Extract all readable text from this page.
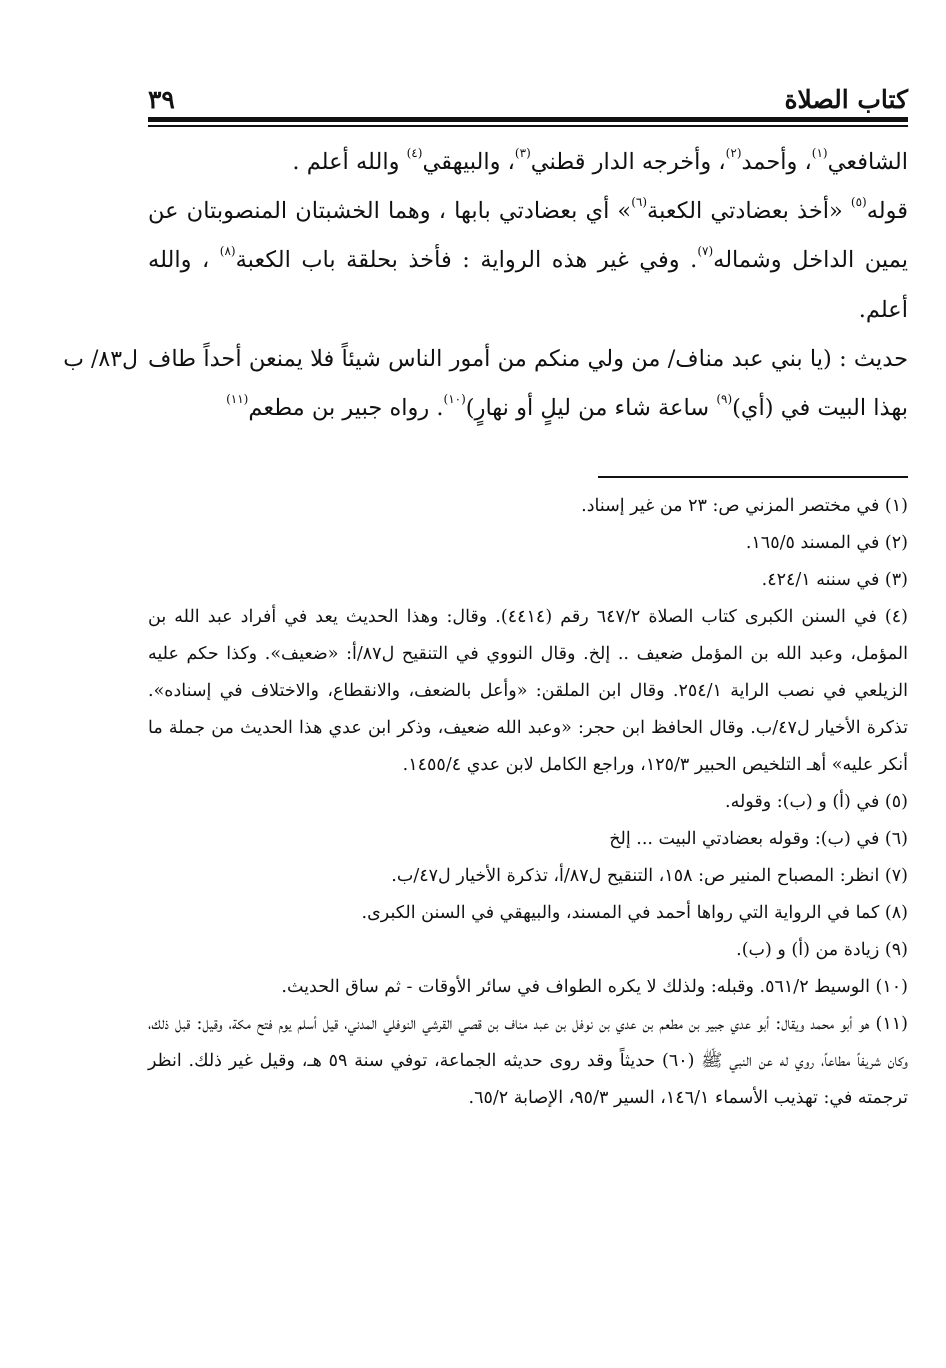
كتاب الصلاة
٣٩
ل٨٣/ ب

الشافعي$^{(١)}$، وأحمد$^{(٢)}$، وأخرجه الدار قطني$^{(٣)}$، والبيهقي$^{(٤)}$ والله أعلم .

قوله$^{(٥)}$ «أخذ بعضادتي الكعبة$^{(٦)}$» أي بعضادتي بابها ، وهما الخشبتان المنصوبتان عن يمين الداخل وشماله$^{(٧)}$. وفي غير هذه الرواية : فأخذ بحلقة باب الكعبة$^{(٨)}$ ، والله أعلم.

حديث : (يا بني عبد مناف/ من ولي منكم من أمور الناس شيئاً فلا يمنعن أحداً طاف بهذا البيت في (أي)$^{(٩)}$ ساعة شاء من ليلٍ أو نهارٍ)$^{(١٠)}$. رواه جبير بن مطعم$^{(١١)}$

(١) في مختصر المزني ص: ٢٣ من غير إسناد.

(٢) في المسند ١٦٥/٥.

(٣) في سننه ٤٢٤/١.

(٤) في السنن الكبرى كتاب الصلاة ٦٤٧/٢ رقم (٤٤١٤). وقال: وهذا الحديث يعد في أفراد عبد الله بن المؤمل، وعبد الله بن المؤمل ضعيف .. إلخ. وقال النووي في التنقيح ل٨٧/أ: «ضعيف». وكذا حكم عليه الزيلعي في نصب الراية ٢٥٤/١. وقال ابن الملقن: «وأعل بالضعف، والانقطاع، والاختلاف في إسناده». تذكرة الأخيار ل٤٧/ب. وقال الحافظ ابن حجر: «وعبد الله ضعيف، وذكر ابن عدي هذا الحديث من جملة ما أنكر عليه» أهـ التلخيص الحبير ١٢٥/٣، وراجع الكامل لابن عدي ١٤٥٥/٤.

(٥) في (أ) و (ب): وقوله.

(٦) في (ب): وقوله بعضادتي البيت ... إلخ

(٧) انظر: المصباح المنير ص: ١٥٨، التنقيح ل٨٧/أ، تذكرة الأخيار ل٤٧/ب.

(٨) كما في الرواية التي رواها أحمد في المسند، والبيهقي في السنن الكبرى.

(٩) زيادة من (أ) و (ب).

(١٠) الوسيط ٥٦١/٢. وقبله: ولذلك لا يكره الطواف في سائر الأوقات - ثم ساق الحديث.

(١١) هو أبو محمد ويقال: أبو عدي جبير بن مطعم بن عدي بن نوفل بن عبد مناف بن قصي القرشي النوفلي المدني، قيل أسلم يوم فتح مكة، وقيل: قبل ذلك، وكان شريفاً مطاعاً، روي له عن النبي ﷺ (٦٠) حديثاً وقد روى حديثه الجماعة، توفي سنة ٥٩ هـ، وقيل غير ذلك. انظر ترجمته في: تهذيب الأسماء ١٤٦/١، السير ٩٥/٣، الإصابة ٦٥/٢.
